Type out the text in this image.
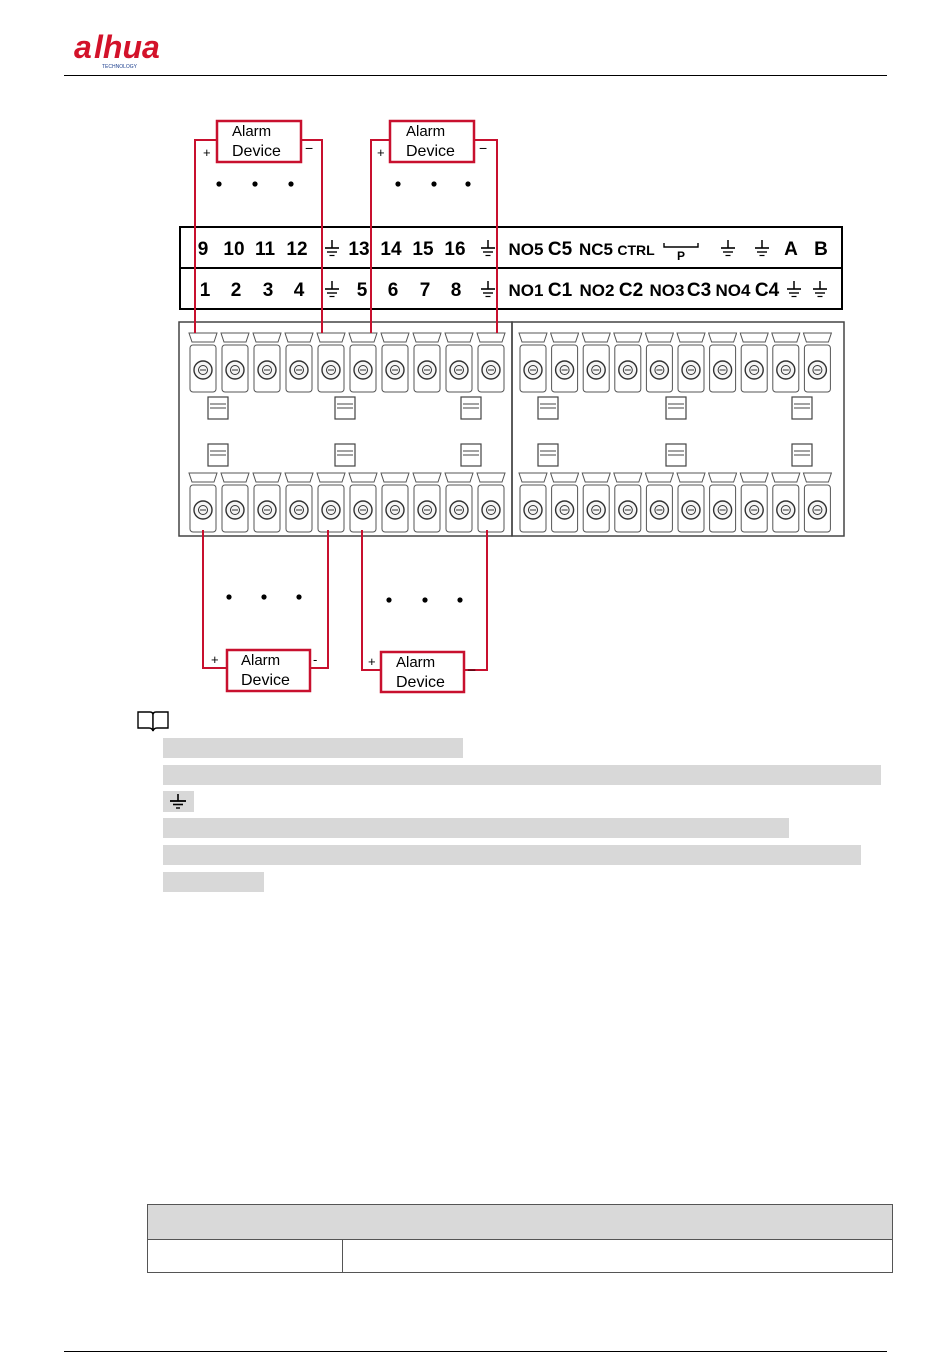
a lhua
TECHNOLOGY
9 10 11 12 13 14 15 16	NO5 C5 NC5 CTRL P	A B
1 2 3 4	5 6 7 8	NO1 C1 NO2 C2 NO3 C3 NO4 C4
Alarm
Device
+	−
Alarm
Device
+	−
Alarm
Device
+	-	Alarm
Device
+	_
